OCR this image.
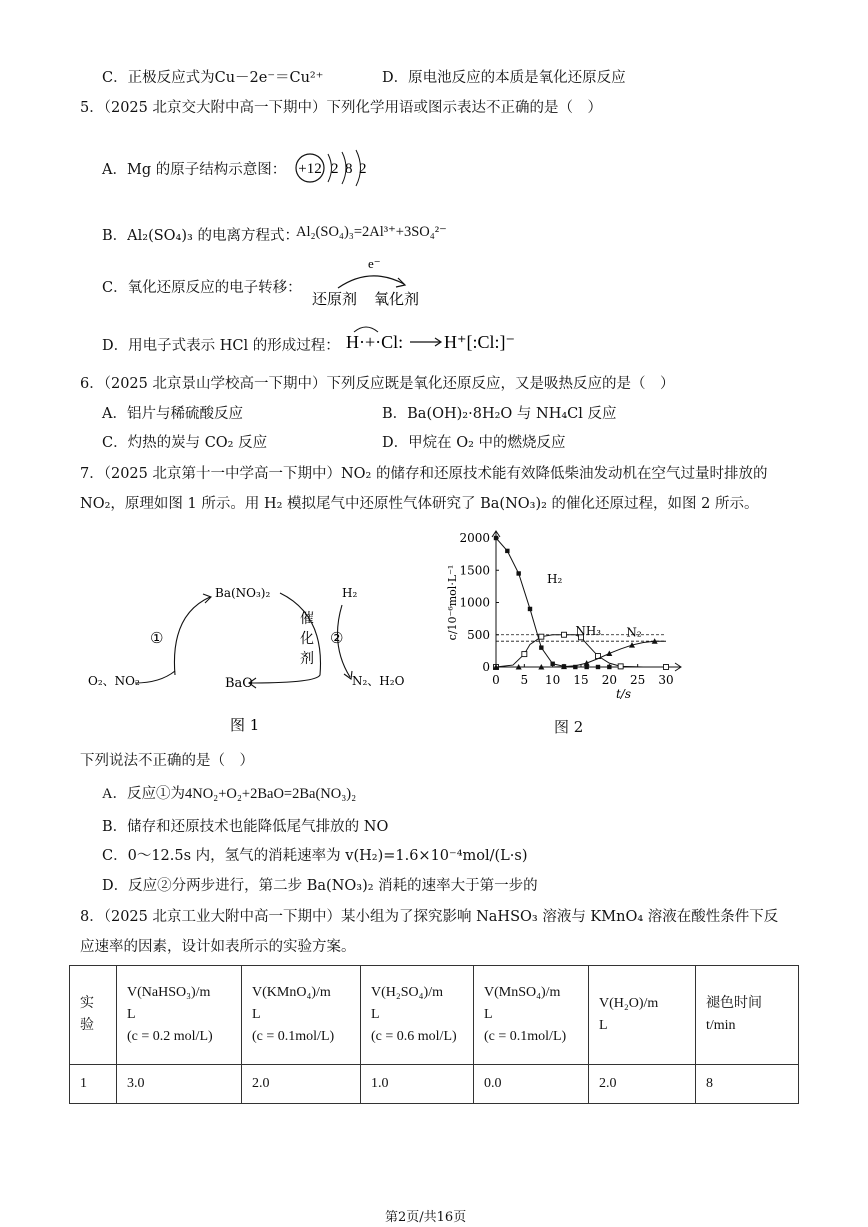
C．正极反应式为Cu－2e⁻＝Cu²⁺	D．原电池反应的本质是氧化还原反应
5．（2025 北京交大附中高一下期中）下列化学用语或图示表达不正确的是（　）
A．Mg 的原子结构示意图： +12 2 8 2
B．Al₂(SO₄)₃ 的电离方程式：
Al₂(SO₄)₃=2Al³⁺+3SO₄²⁻
C．氧化还原反应的电子转移：
e⁻
还原剂 氧化剂
D．用电子式表示 HCl 的形成过程： H·+·Cl: H⁺[:Cl:]⁻
6．（2025 北京景山学校高一下期中）下列反应既是氧化还原反应，又是吸热反应的是（　）
A．铝片与稀硫酸反应	B．Ba(OH)₂·8H₂O 与 NH₄Cl 反应
C．灼热的炭与 CO₂ 反应	D．甲烷在 O₂ 中的燃烧反应
7．（2025 北京第十一中学高一下期中）NO₂ 的储存和还原技术能有效降低柴油发动机在空气过量时排放的
NO₂，原理如图 1 所示。用 H₂ 模拟尾气中还原性气体研究了 Ba(NO₃)₂ 的催化还原过程，如图 2 所示。
Ba(NO₃)₂
BaO
O₂、NO₂
H₂
N₂、H₂O
①	②
催
化
剂
图 1
0 5 10 15 20 25 30
0
500
1000
1500
2000
t/s
c/10⁻⁶mol·L⁻¹	H₂
NH₃ N₂
图 2
下列说法不正确的是（　）
A．反应①为4NO₂+O₂+2BaO=2Ba(NO₃)₂
B．储存和还原技术也能降低尾气排放的 NO
C．0～12.5s 内，氢气的消耗速率为 v(H₂)=1.6×10⁻⁴mol/(L·s)
D．反应②分两步进行，第二步 Ba(NO₃)₂ 消耗的速率大于第一步的
8．（2025 北京工业大附中高一下期中）某小组为了探究影响 NaHSO₃ 溶液与 KMnO₄ 溶液在酸性条件下反
应速率的因素，设计如表所示的实验方案。
实
验	V(NaHSO₃)/m
L
(c = 0.2 mol/L)	V(KMnO₄)/m
L
(c = 0.1mol/L)	V(H₂SO₄)/m
L
(c = 0.6 mol/L)	V(MnSO₄)/m
L
(c = 0.1mol/L)	V(H₂O)/m
L	褪色时间
t/min

1	3.0	2.0	1.0	0.0	2.0	8
第2页/共16页
